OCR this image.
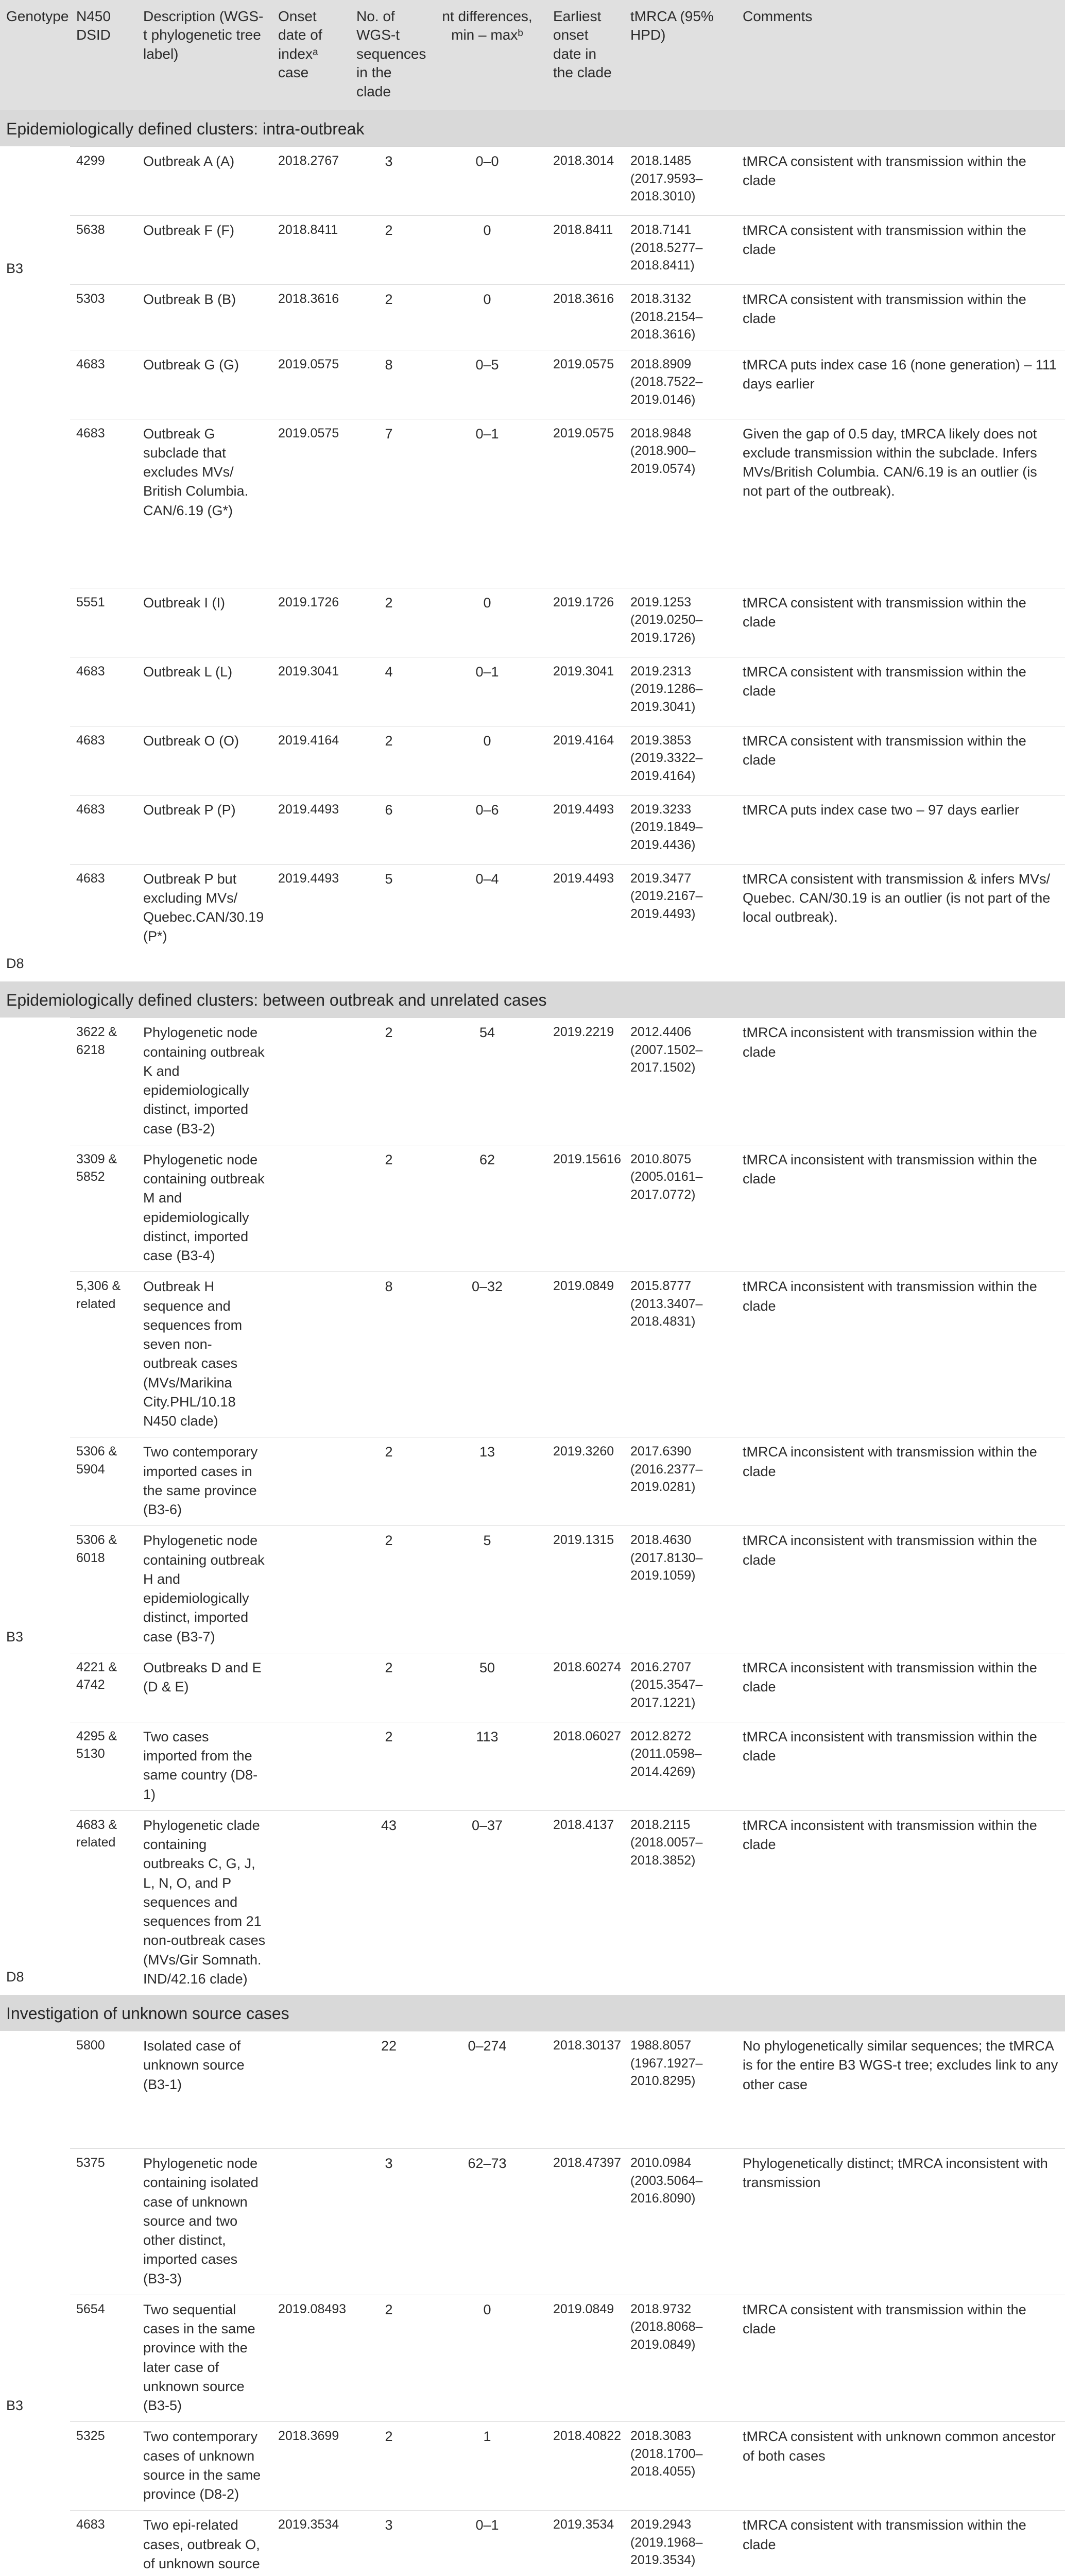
Genotype	N450 DSID	Description (WGS-t phylogenetic tree label)	Onset date of indexᵃ case	No. of WGS-t sequences in the clade	nt differences, min – maxᵇ	Earliest onset date in the clade	tMRCA (95% HPD)	Comments
Epidemiologically defined clusters: intra-outbreak								
	4299	Outbreak A (A)	2018.2767	3	0–0	2018.3014	2018.1485 (2017.9593–2018.3010)	tMRCA consistent with transmission within the clade
B3	5638	Outbreak F (F)	2018.8411	2	0	2018.8411	2018.7141 (2018.5277–2018.8411)	tMRCA consistent with transmission within the clade
	5303	Outbreak B (B)	2018.3616	2	0	2018.3616	2018.3132 (2018.2154–2018.3616)	tMRCA consistent with transmission within the clade
	4683	Outbreak G (G)	2019.0575	8	0–5	2019.0575	2018.8909 (2018.7522–2019.0146)	tMRCA puts index case 16 (none generation) – 111 days earlier
	4683	Outbreak G subclade that excludes MVs/ British Columbia. CAN/6.19 (G*)	2019.0575	7	0–1	2019.0575	2018.9848 (2018.900–2019.0574)	Given the gap of 0.5 day, tMRCA likely does not exclude transmission within the subclade. Infers MVs/British Columbia. CAN/6.19 is an outlier (is not part of the outbreak).
	5551	Outbreak I (I)	2019.1726	2	0	2019.1726	2019.1253 (2019.0250–2019.1726)	tMRCA consistent with transmission within the clade
	4683	Outbreak L (L)	2019.3041	4	0–1	2019.3041	2019.2313 (2019.1286–2019.3041)	tMRCA consistent with transmission within the clade
	4683	Outbreak O (O)	2019.4164	2	0	2019.4164	2019.3853 (2019.3322–2019.4164)	tMRCA consistent with transmission within the clade
	4683	Outbreak P (P)	2019.4493	6	0–6	2019.4493	2019.3233 (2019.1849–2019.4436)	tMRCA puts index case two – 97 days earlier
D8	4683	Outbreak P but excluding MVs/ Quebec.CAN/30.19 (P*)	2019.4493	5	0–4	2019.4493	2019.3477 (2019.2167–2019.4493)	tMRCA consistent with transmission & infers MVs/ Quebec. CAN/30.19 is an outlier (is not part of the local outbreak).
Epidemiologically defined clusters: between outbreak and unrelated cases								
	3622 & 6218	Phylogenetic node containing outbreak K and epidemiologically distinct, imported case (B3-2)		2	54	2019.2219	2012.4406 (2007.1502–2017.1502)	tMRCA inconsistent with transmission within the clade
	3309 & 5852	Phylogenetic node containing outbreak M and epidemiologically distinct, imported case (B3-4)		2	62	2019.15616	2010.8075 (2005.0161–2017.0772)	tMRCA inconsistent with transmission within the clade
	5,306 & related	Outbreak H sequence and sequences from seven non-outbreak cases (MVs/Marikina City.PHL/10.18 N450 clade)		8	0–32	2019.0849	2015.8777 (2013.3407–2018.4831)	tMRCA inconsistent with transmission within the clade
	5306 & 5904	Two contemporary imported cases in the same province (B3-6)		2	13	2019.3260	2017.6390 (2016.2377–2019.0281)	tMRCA inconsistent with transmission within the clade
B3	5306 & 6018	Phylogenetic node containing outbreak H and epidemiologically distinct, imported case (B3-7)		2	5	2019.1315	2018.4630 (2017.8130–2019.1059)	tMRCA inconsistent with transmission within the clade
	4221 & 4742	Outbreaks D and E (D & E)		2	50	2018.60274	2016.2707 (2015.3547–2017.1221)	tMRCA inconsistent with transmission within the clade
	4295 & 5130	Two cases imported from the same country (D8-1)		2	113	2018.06027	2012.8272 (2011.0598–2014.4269)	tMRCA inconsistent with transmission within the clade
D8	4683 & related	Phylogenetic clade containing outbreaks C, G, J, L, N, O, and P sequences and sequences from 21 non-outbreak cases (MVs/Gir Somnath. IND/42.16 clade)		43	0–37	2018.4137	2018.2115 (2018.0057–2018.3852)	tMRCA inconsistent with transmission within the clade
Investigation of unknown source cases								
	5800	Isolated case of unknown source (B3-1)		22	0–274	2018.30137	1988.8057 (1967.1927–2010.8295)	No phylogenetically similar sequences; the tMRCA is for the entire B3 WGS-t tree; excludes link to any other case
	5375	Phylogenetic node containing isolated case of unknown source and two other distinct, imported cases (B3-3)		3	62–73	2018.47397	2010.0984 (2003.5064–2016.8090)	Phylogenetically distinct; tMRCA inconsistent with transmission
B3	5654	Two sequential cases in the same province with the later case of unknown source (B3-5)	2019.08493	2	0	2019.0849	2018.9732 (2018.8068–2019.0849)	tMRCA consistent with transmission within the clade
	5325	Two contemporary cases of unknown source in the same province (D8-2)	2018.3699	2	1	2018.40822	2018.3083 (2018.1700–2018.4055)	tMRCA consistent with unknown common ancestor of both cases
	4683	Two epi-related cases, outbreak O, of unknown source	2019.3534	3	0–1	2019.3534	2019.2943 (2019.1968–2019.3534)	tMRCA consistent with transmission within the clade
